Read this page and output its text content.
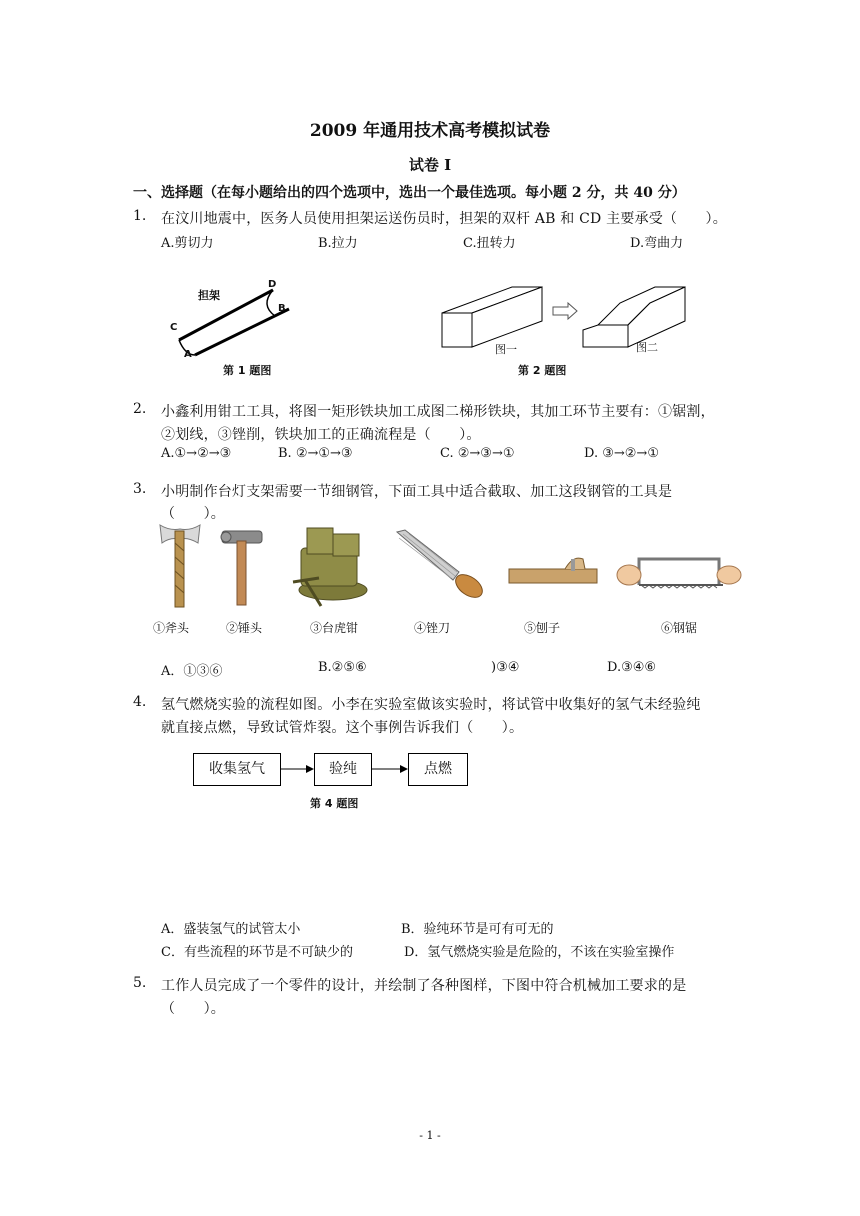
2009 年通用技术高考模拟试卷
试卷 I
一、选择题（在每小题给出的四个选项中，选出一个最佳选项。每小题 2 分，共 40 分）
1. 在汶川地震中，医务人员使用担架运送伤员时，担架的双杆 AB 和 CD 主要承受（　　）。
A.剪切力	B.拉力	C.扭转力	D.弯曲力
担架
A
B
C
D
第 1 题图
图一	图二
第 2 题图
2. 小鑫利用钳工工具，将图一矩形铁块加工成图二梯形铁块，其加工环节主要有：①锯割，
②划线，③锉削，铁块加工的正确流程是（　　）。
A.①→②→③	B. ②→①→③	C. ②→③→①	D. ③→②→①
3. 小明制作台灯支架需要一节细钢管，下面工具中适合截取、加工这段钢管的工具是
（　　）。
①斧头	②锤头	③台虎钳	④锉刀	⑤刨子	⑥钢锯
A．①③⑥	B.②⑤⑥	)③④	D.③④⑥
4. 氢气燃烧实验的流程如图。小李在实验室做该实验时，将试管中收集好的氢气未经验纯
就直接点燃，导致试管炸裂。这个事例告诉我们（　　）。
收集氢气	验纯	点燃
第 4 题图
A．盛装氢气的试管太小	B．验纯环节是可有可无的
C．有些流程的环节是不可缺少的	D．氢气燃烧实验是危险的，不该在实验室操作
5. 工作人员完成了一个零件的设计，并绘制了各种图样，下图中符合机械加工要求的是
（　　）。
- 1 -
